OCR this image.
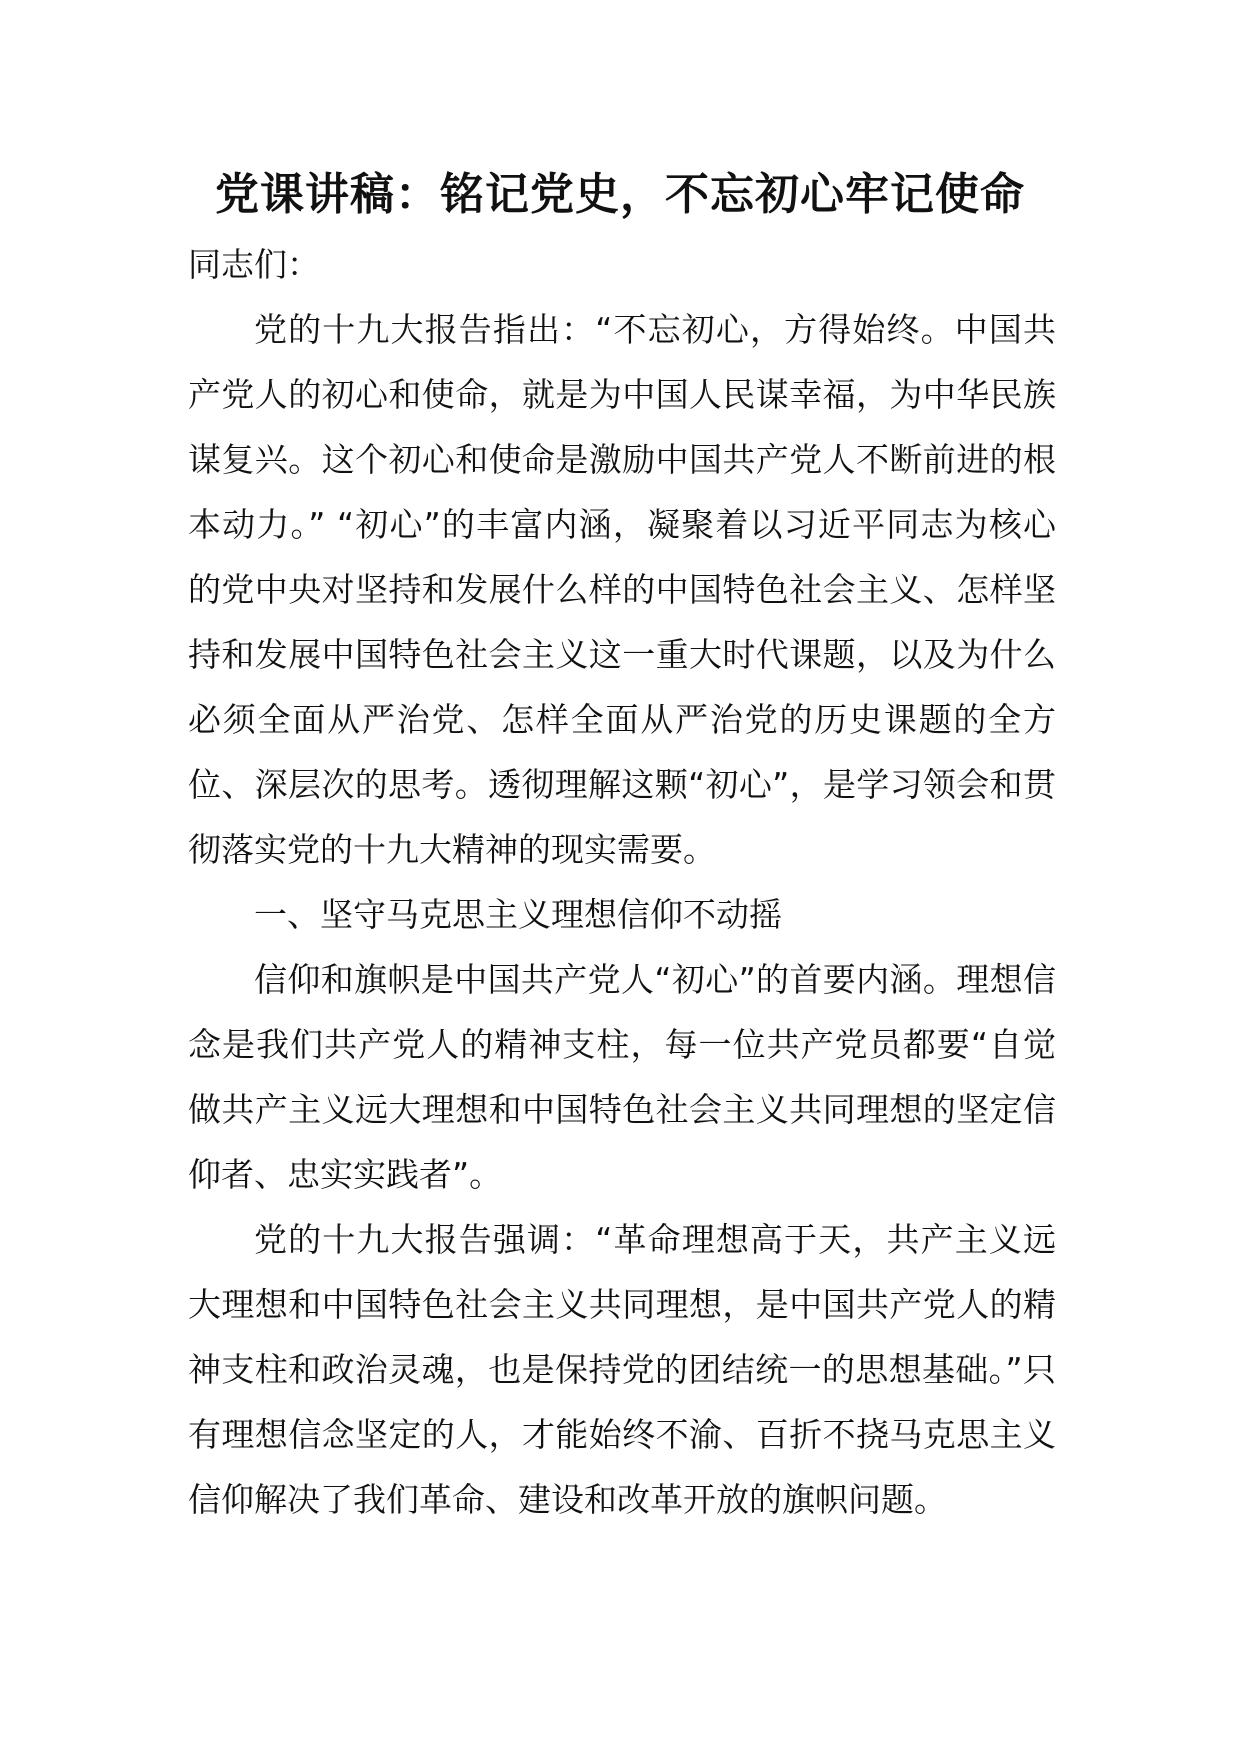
党课讲稿：铭记党史，不忘初心牢记使命

同志们：

党的十九大报告指出：“不忘初心，方得始终。中国共产党人的初心和使命，就是为中国人民谋幸福，为中华民族谋复兴。这个初心和使命是激励中国共产党人不断前进的根本动力。” “初心”的丰富内涵，凝聚着以习近平同志为核心的党中央对坚持和发展什么样的中国特色社会主义、怎样坚持和发展中国特色社会主义这一重大时代课题，以及为什么必须全面从严治党、怎样全面从严治党的历史课题的全方位、深层次的思考。透彻理解这颗“初心”，是学习领会和贯彻落实党的十九大精神的现实需要。

一、坚守马克思主义理想信仰不动摇

信仰和旗帜是中国共产党人“初心”的首要内涵。理想信念是我们共产党人的精神支柱，每一位共产党员都要“自觉做共产主义远大理想和中国特色社会主义共同理想的坚定信仰者、忠实实践者”。

党的十九大报告强调：“革命理想高于天，共产主义远大理想和中国特色社会主义共同理想，是中国共产党人的精神支柱和政治灵魂，也是保持党的团结统一的思想基础。”只有理想信念坚定的人，才能始终不渝、百折不挠马克思主义信仰解决了我们革命、建设和改革开放的旗帜问题。
